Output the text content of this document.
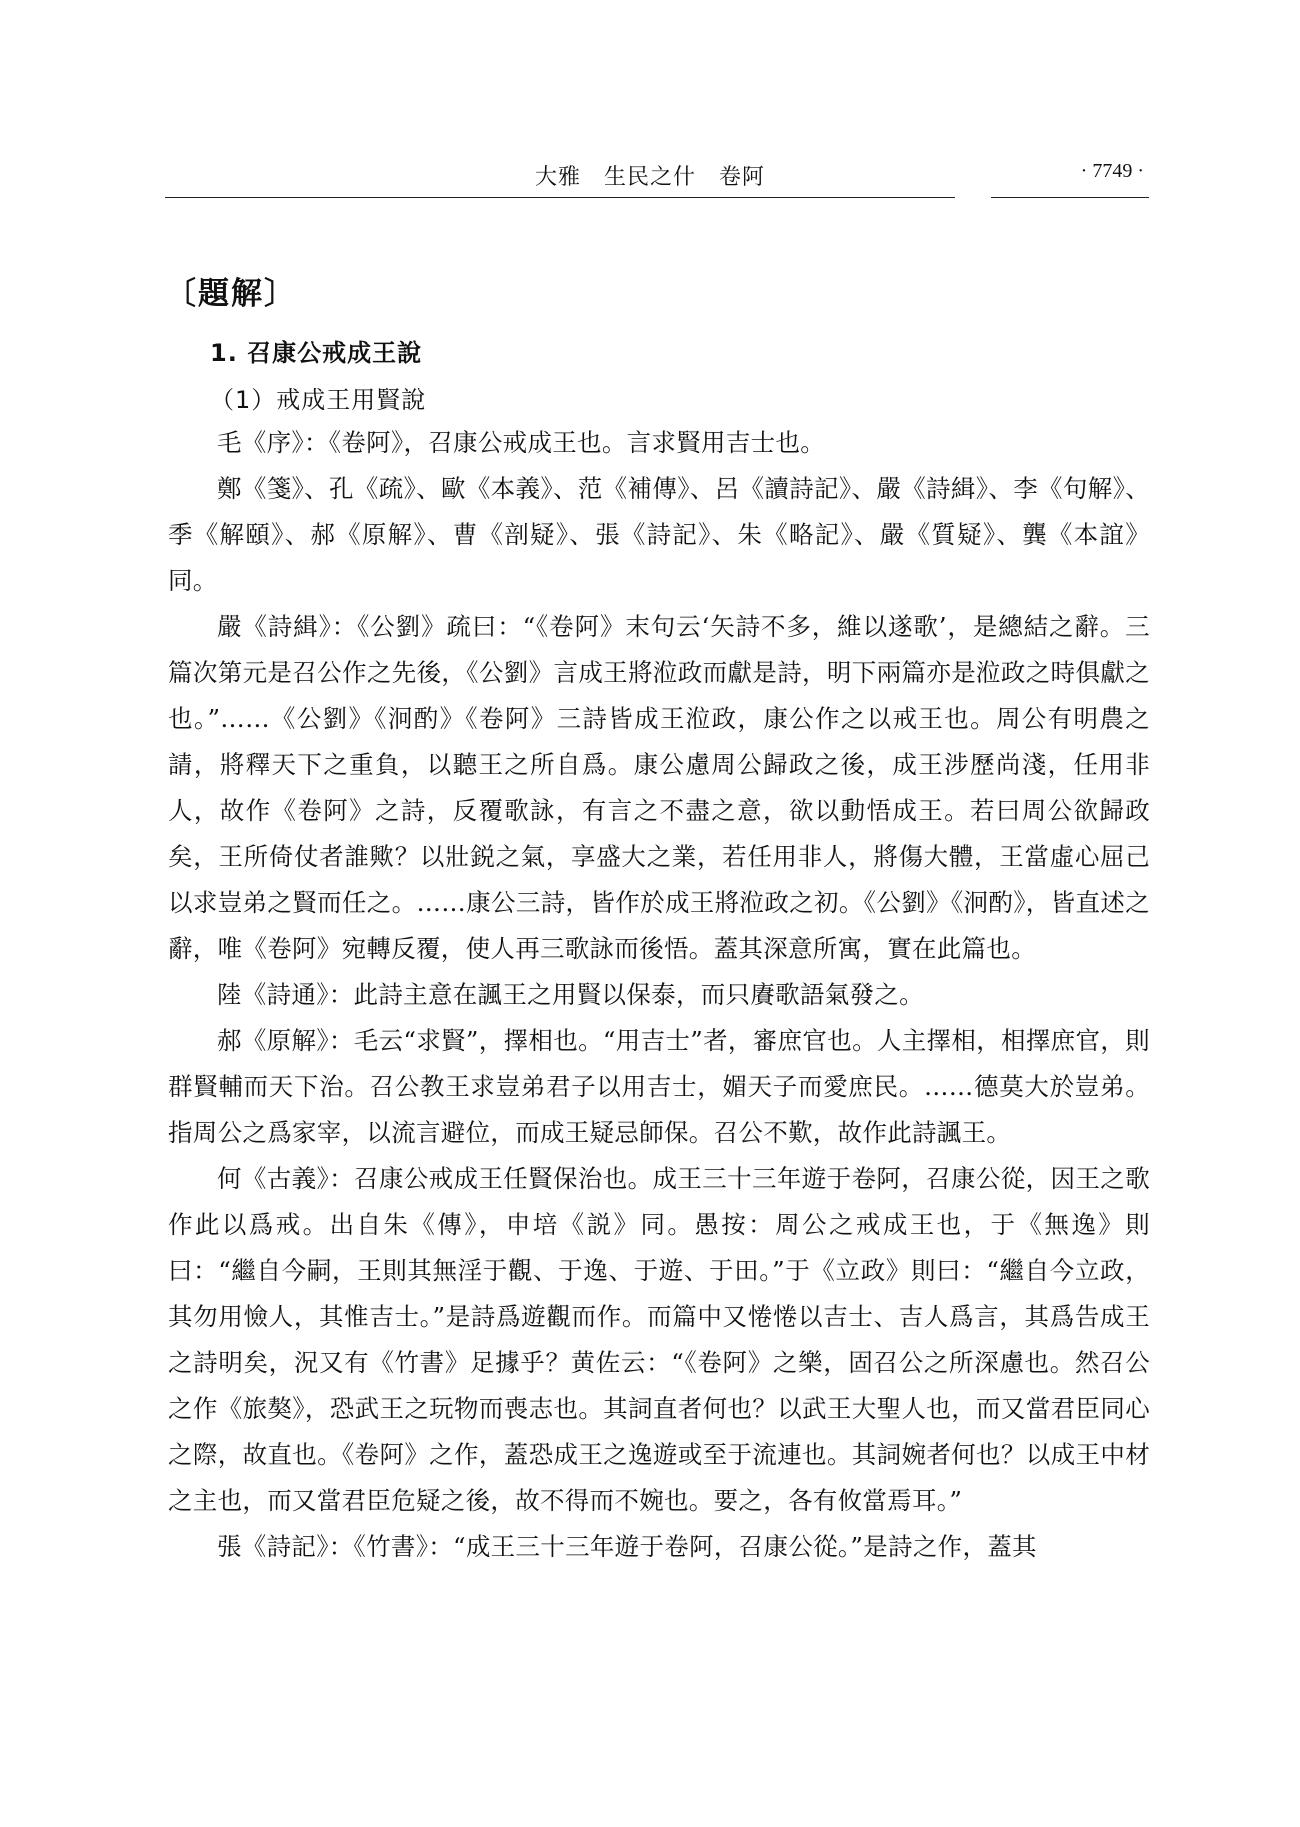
大雅　生民之什　卷阿	· 7749 ·
〔題解〕
1. 召康公戒成王說
（1）戒成王用賢說

毛《序》：《卷阿》，召康公戒成王也。言求賢用吉士也。

鄭《箋》、孔《疏》、歐《本義》、范《補傳》、呂《讀詩記》、嚴《詩緝》、李《句解》、季《解頤》、郝《原解》、曹《剖疑》、張《詩記》、朱《略記》、嚴《質疑》、龔《本誼》同。

嚴《詩緝》：《公劉》疏曰：“《卷阿》末句云‘矢詩不多，維以遂歌’，是總結之辭。三篇次第元是召公作之先後，《公劉》言成王將涖政而獻是詩，明下兩篇亦是涖政之時俱獻之也。”……《公劉》《泂酌》《卷阿》三詩皆成王涖政，康公作之以戒王也。周公有明農之請，將釋天下之重負，以聽王之所自爲。康公慮周公歸政之後，成王涉歷尚淺，任用非人，故作《卷阿》之詩，反覆歌詠，有言之不盡之意，欲以動悟成王。若曰周公欲歸政矣，王所倚仗者誰歟？以壯鋭之氣，享盛大之業，若任用非人，將傷大體，王當虛心屈己以求豈弟之賢而任之。……康公三詩，皆作於成王將涖政之初。《公劉》《泂酌》，皆直述之辭，唯《卷阿》宛轉反覆，使人再三歌詠而後悟。蓋其深意所寓，實在此篇也。

陸《詩通》：此詩主意在諷王之用賢以保泰，而只賡歌語氣發之。

郝《原解》：毛云“求賢”，擇相也。“用吉士”者，審庶官也。人主擇相，相擇庶官，則群賢輔而天下治。召公教王求豈弟君子以用吉士，媚天子而愛庶民。……德莫大於豈弟。指周公之爲家宰，以流言避位，而成王疑忌師保。召公不歎，故作此詩諷王。

何《古義》：召康公戒成王任賢保治也。成王三十三年遊于卷阿，召康公從，因王之歌作此以爲戒。出自朱《傳》，申培《説》同。愚按：周公之戒成王也，于《無逸》則曰：“繼自今嗣，王則其無淫于觀、于逸、于遊、于田。”于《立政》則曰：“繼自今立政，其勿用憸人，其惟吉士。”是詩爲遊觀而作。而篇中又惓惓以吉士、吉人爲言，其爲告成王之詩明矣，況又有《竹書》足據乎？黄佐云：“《卷阿》之樂，固召公之所深慮也。然召公之作《旅獒》，恐武王之玩物而喪志也。其詞直者何也？以武王大聖人也，而又當君臣同心之際，故直也。《卷阿》之作，蓋恐成王之逸遊或至于流連也。其詞婉者何也？以成王中材之主也，而又當君臣危疑之後，故不得而不婉也。要之，各有攸當焉耳。”

張《詩記》：《竹書》：“成王三十三年遊于卷阿，召康公從。”是詩之作，蓋其
